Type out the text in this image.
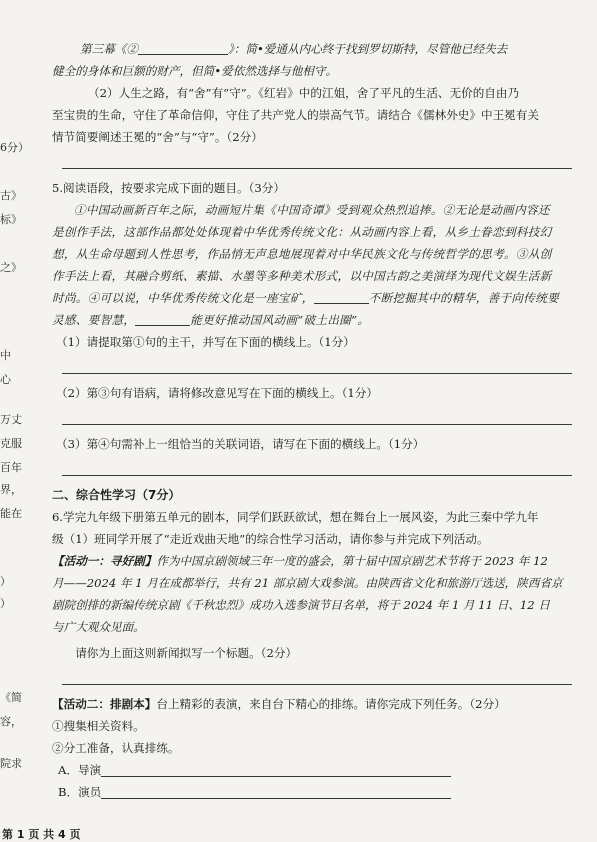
6分）
古》
标》
之》
中
心
万丈
克服
百年
界，
能在
）
）
《简
容，
院求

第三幕《②	》：简•爱通从内心终于找到罗切斯特，尽管他已经失去

健全的身体和巨额的财产，但简•爱依然选择与他相守。

（2）人生之路，有“舍”有“守”。《红岩》中的江姐，舍了平凡的生活、无价的自由乃

至宝贵的生命，守住了革命信仰，守住了共产党人的崇高气节。请结合《儒林外史》中王冕有关

情节简要阐述王冕的“舍”与“守”。（2分）

5.阅读语段，按要求完成下面的题目。（3分）

①中国动画新百年之际，动画短片集《中国奇谭》受到观众热烈追捧。②无论是动画内容还

是创作手法，这部作品都处处体现着中华优秀传统文化：从动画内容上看，从乡土眷恋到科技幻

想，从生命母题到人性思考，作品悄无声息地展现着对中华民族文化与传统哲学的思考。③从创

作手法上看，其融合剪纸、素描、水墨等多种美术形式，以中国古韵之美演绎为现代文娱生活新

时尚。④可以说，中华优秀传统文化是一座宝矿，	不断挖掘其中的精华，善于向传统要

灵感、要智慧，	能更好推动国风动画“破土出圈”。

（1）请提取第①句的主干，并写在下面的横线上。（1分）

（2）第③句有语病，请将修改意见写在下面的横线上。（1分）

（3）第④句需补上一组恰当的关联词语，请写在下面的横线上。（1分）

二、综合性学习（7分）

6.学完九年级下册第五单元的剧本，同学们跃跃欲试，想在舞台上一展风姿，为此三秦中学九年

级（1）班同学开展了“走近戏曲天地”的综合性学习活动，请你参与并完成下列活动。

【活动一：寻好剧】作为中国京剧领域三年一度的盛会，第十届中国京剧艺术节将于 2023 年 12

月——2024 年 1 月在成都举行，共有 21 部京剧大戏参演。由陕西省文化和旅游厅选送，陕西省京

剧院创排的新编传统京剧《千秋忠烈》成功入选参演节目名单，将于 2024 年 1 月 11 日、12 日

与广大观众见面。

请你为上面这则新闻拟写一个标题。（2分）

【活动二：排剧本】台上精彩的表演，来自台下精心的排练。请你完成下列任务。（2分）

①搜集相关资料。

②分工准备，认真排练。

A．导演

B．演员

第 1 页 共 4 页
